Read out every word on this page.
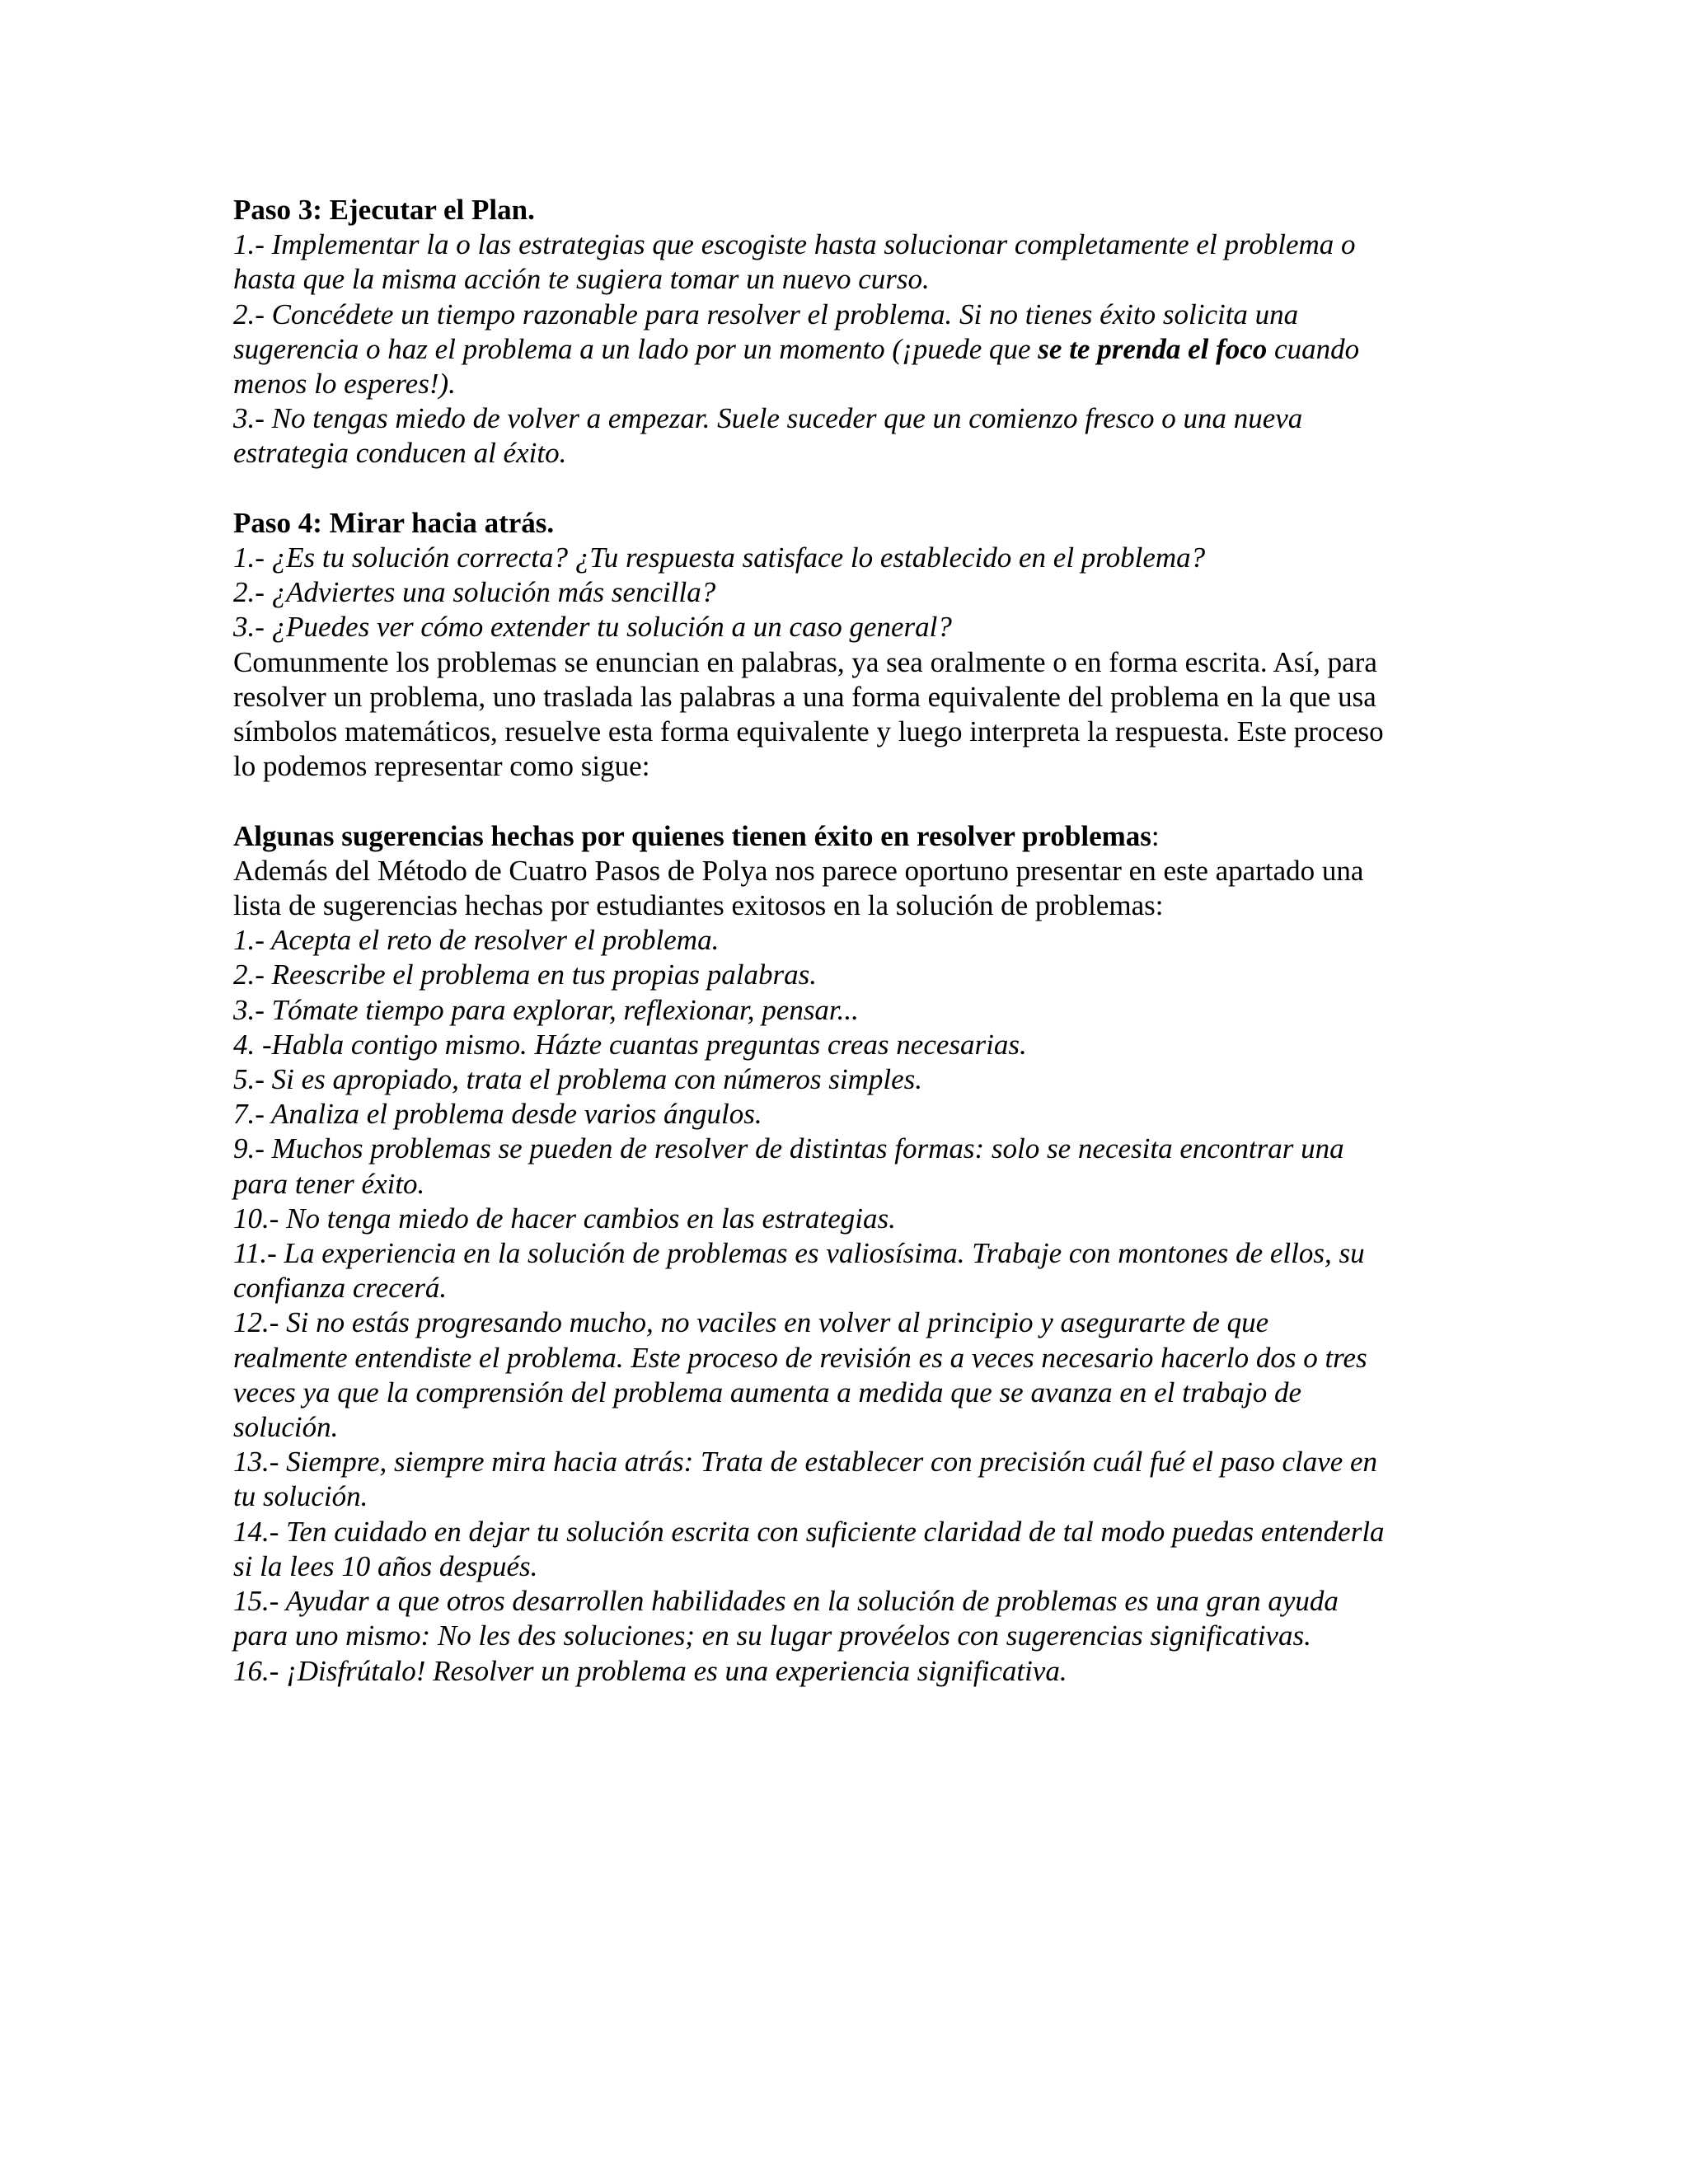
Paso 3: Ejecutar el Plan.
1.- Implementar la o las estrategias que escogiste hasta solucionar completamente el problema o
hasta que la misma acción te sugiera tomar un nuevo curso.
2.- Concédete un tiempo razonable para resolver el problema. Si no tienes éxito solicita una
sugerencia o haz el problema a un lado por un momento (¡puede que se te prenda el foco cuando
menos lo esperes!).
3.- No tengas miedo de volver a empezar. Suele suceder que un comienzo fresco o una nueva
estrategia conducen al éxito.
Paso 4: Mirar hacia atrás.
1.- ¿Es tu solución correcta? ¿Tu respuesta satisface lo establecido en el problema?
2.- ¿Adviertes una solución más sencilla?
3.- ¿Puedes ver cómo extender tu solución a un caso general?
Comunmente los problemas se enuncian en palabras, ya sea oralmente o en forma escrita. Así, para
resolver un problema, uno traslada las palabras a una forma equivalente del problema en la que usa
símbolos matemáticos, resuelve esta forma equivalente y luego interpreta la respuesta. Este proceso
lo podemos representar como sigue:
Algunas sugerencias hechas por quienes tienen éxito en resolver problemas:
Además del Método de Cuatro Pasos de Polya nos parece oportuno presentar en este apartado una
lista de sugerencias hechas por estudiantes exitosos en la solución de problemas:
1.- Acepta el reto de resolver el problema.
2.- Reescribe el problema en tus propias palabras.
3.- Tómate tiempo para explorar, reflexionar, pensar...
4. -Habla contigo mismo. Házte cuantas preguntas creas necesarias.
5.- Si es apropiado, trata el problema con números simples.
7.- Analiza el problema desde varios ángulos.
9.- Muchos problemas se pueden de resolver de distintas formas: solo se necesita encontrar una
para tener éxito.
10.- No tenga miedo de hacer cambios en las estrategias.
11.- La experiencia en la solución de problemas es valiosísima. Trabaje con montones de ellos, su
confianza crecerá.
12.- Si no estás progresando mucho, no vaciles en volver al principio y asegurarte de que
realmente entendiste el problema. Este proceso de revisión es a veces necesario hacerlo dos o tres
veces ya que la comprensión del problema aumenta a medida que se avanza en el trabajo de
solución.
13.- Siempre, siempre mira hacia atrás: Trata de establecer con precisión cuál fué el paso clave en
tu solución.
14.- Ten cuidado en dejar tu solución escrita con suficiente claridad de tal modo puedas entenderla
si la lees 10 años después.
15.- Ayudar a que otros desarrollen habilidades en la solución de problemas es una gran ayuda
para uno mismo: No les des soluciones; en su lugar provéelos con sugerencias significativas.
16.- ¡Disfrútalo! Resolver un problema es una experiencia significativa.
